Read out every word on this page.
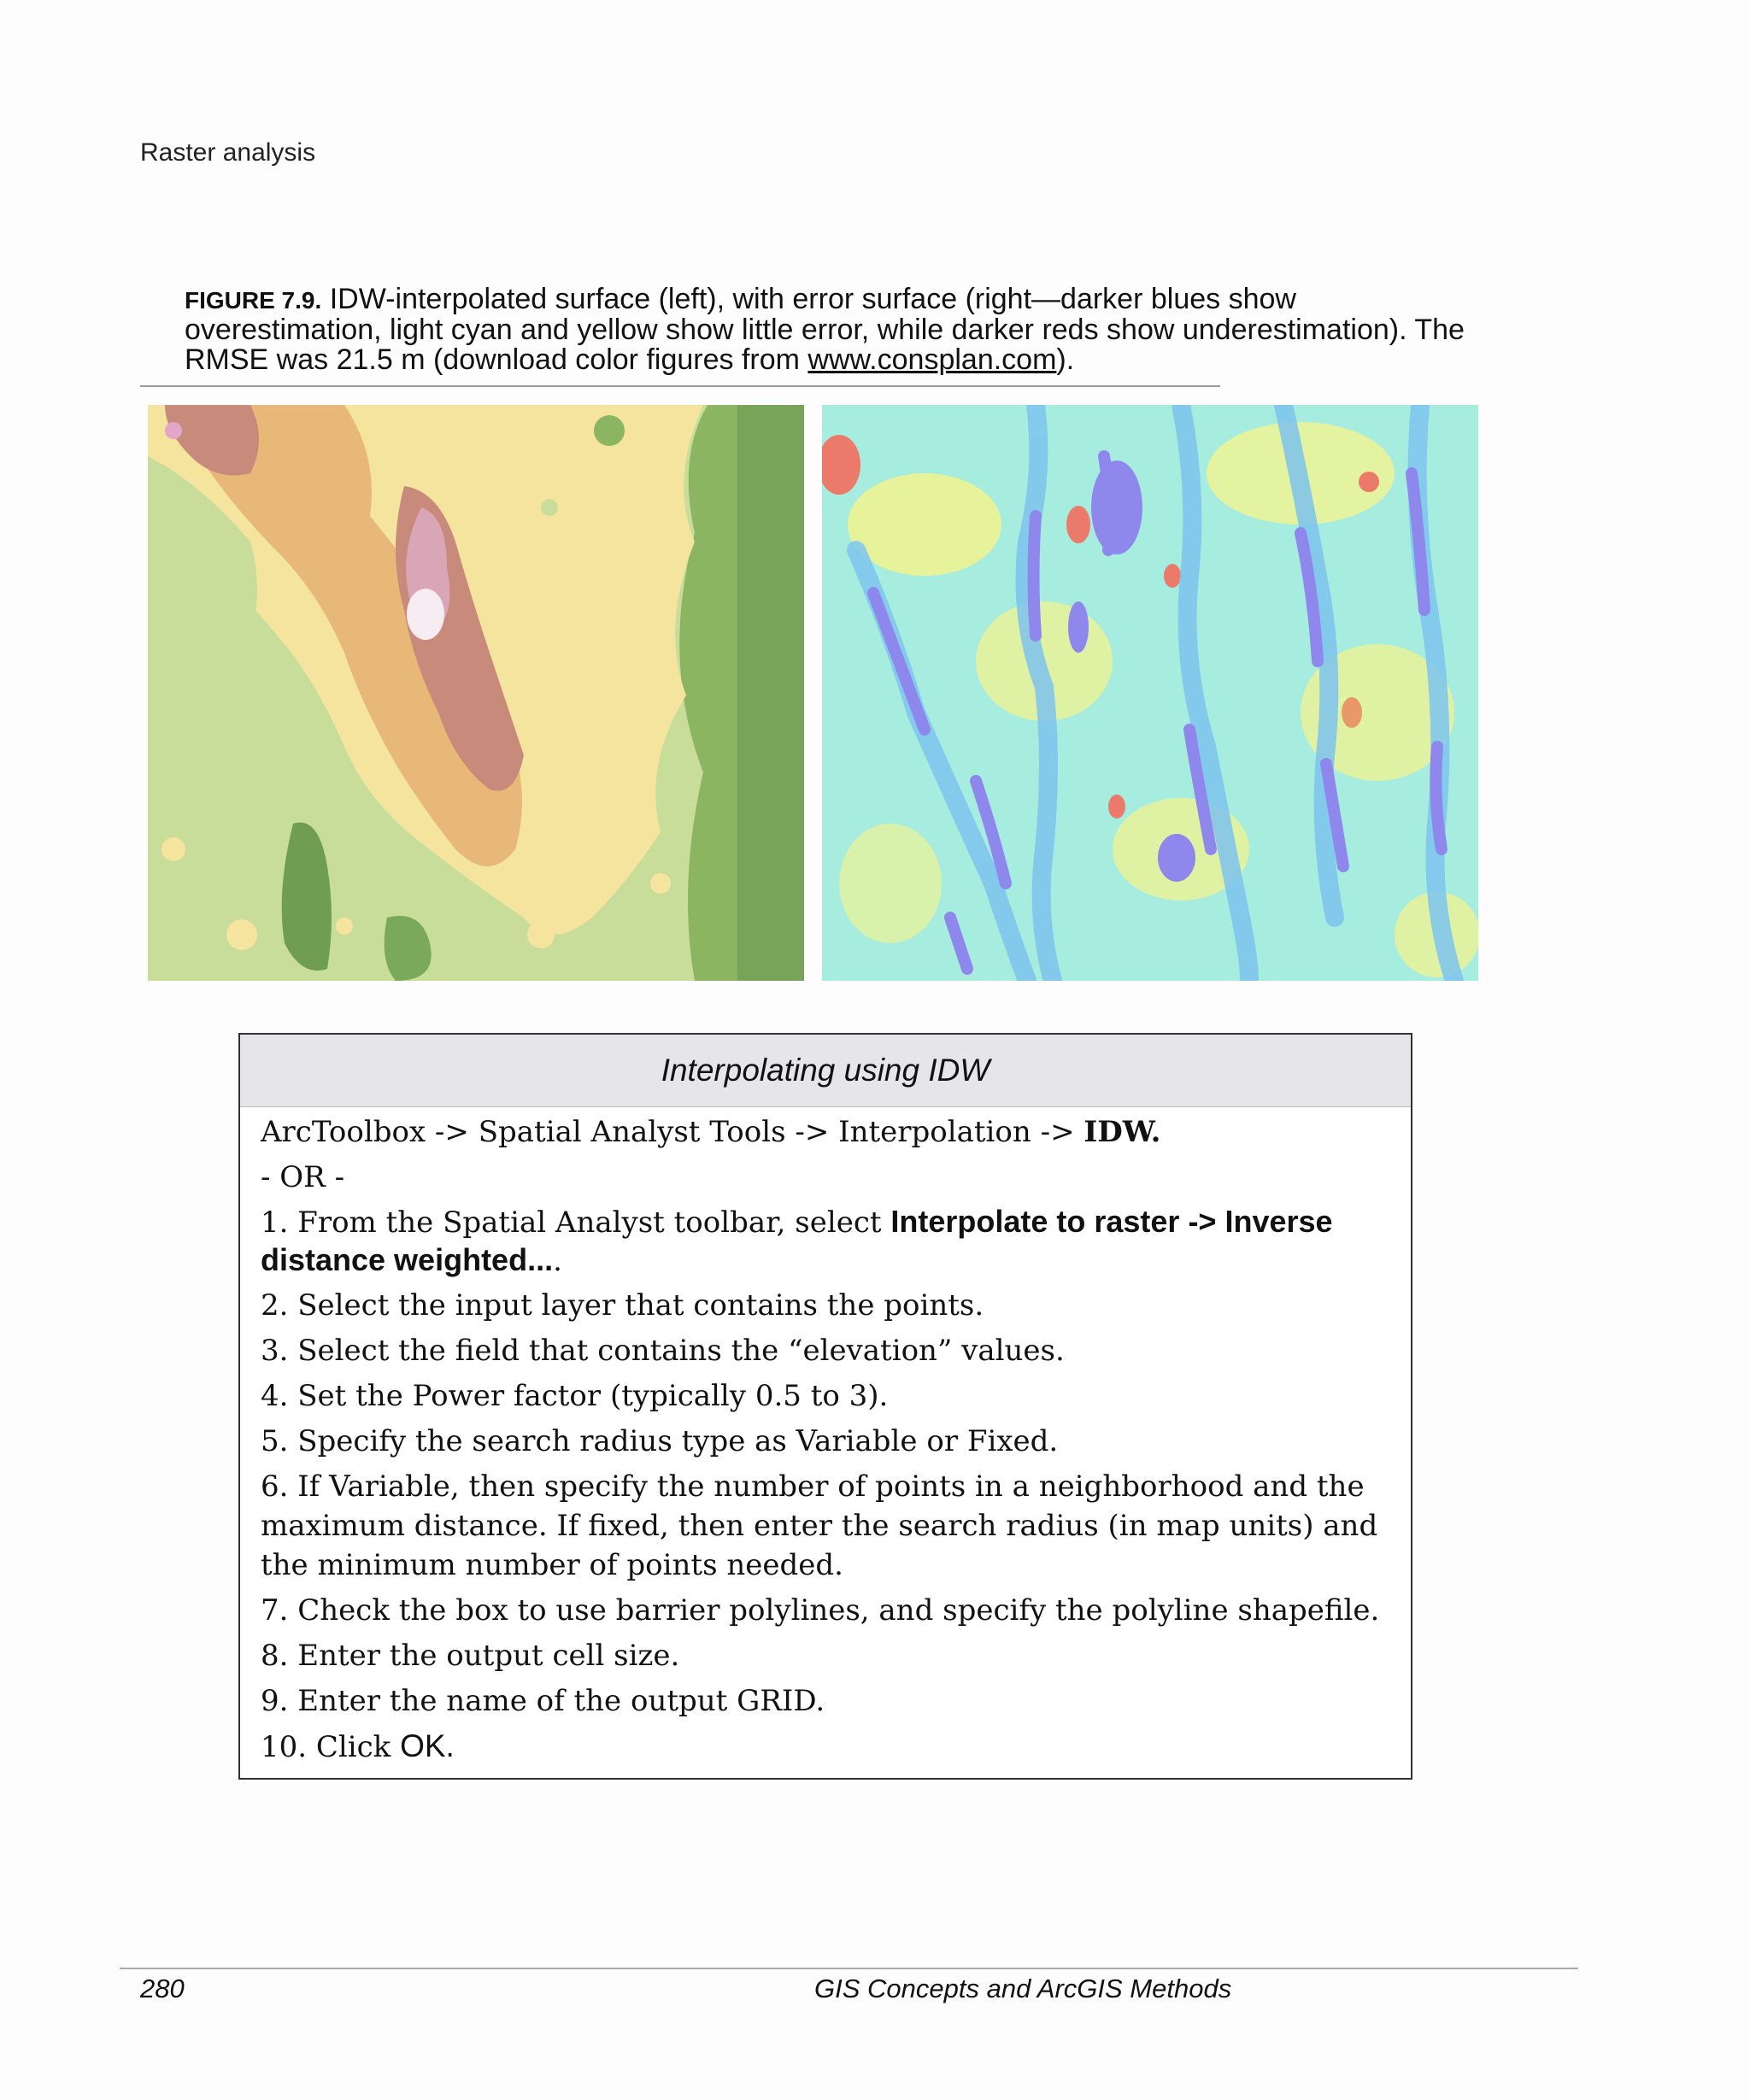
Raster analysis
FIGURE 7.9. IDW-interpolated surface (left), with error surface (right—darker blues show overestimation, light cyan and yellow show little error, while darker reds show underestimation). The RMSE was 21.5 m (download color figures from www.consplan.com).
Interpolating using IDW
ArcToolbox -> Spatial Analyst Tools -> Interpolation -> IDW.
- OR -
1. From the Spatial Analyst toolbar, select Interpolate to raster -> Inverse distance weighted....
2. Select the input layer that contains the points.
3. Select the field that contains the “elevation” values.
4. Set the Power factor (typically 0.5 to 3).
5. Specify the search radius type as Variable or Fixed.
6. If Variable, then specify the number of points in a neighborhood and the maximum distance. If fixed, then enter the search radius (in map units) and the minimum number of points needed.
7. Check the box to use barrier polylines, and specify the polyline shapefile.
8. Enter the output cell size.
9. Enter the name of the output GRID.
10. Click OK.
280	GIS Concepts and ArcGIS Methods
